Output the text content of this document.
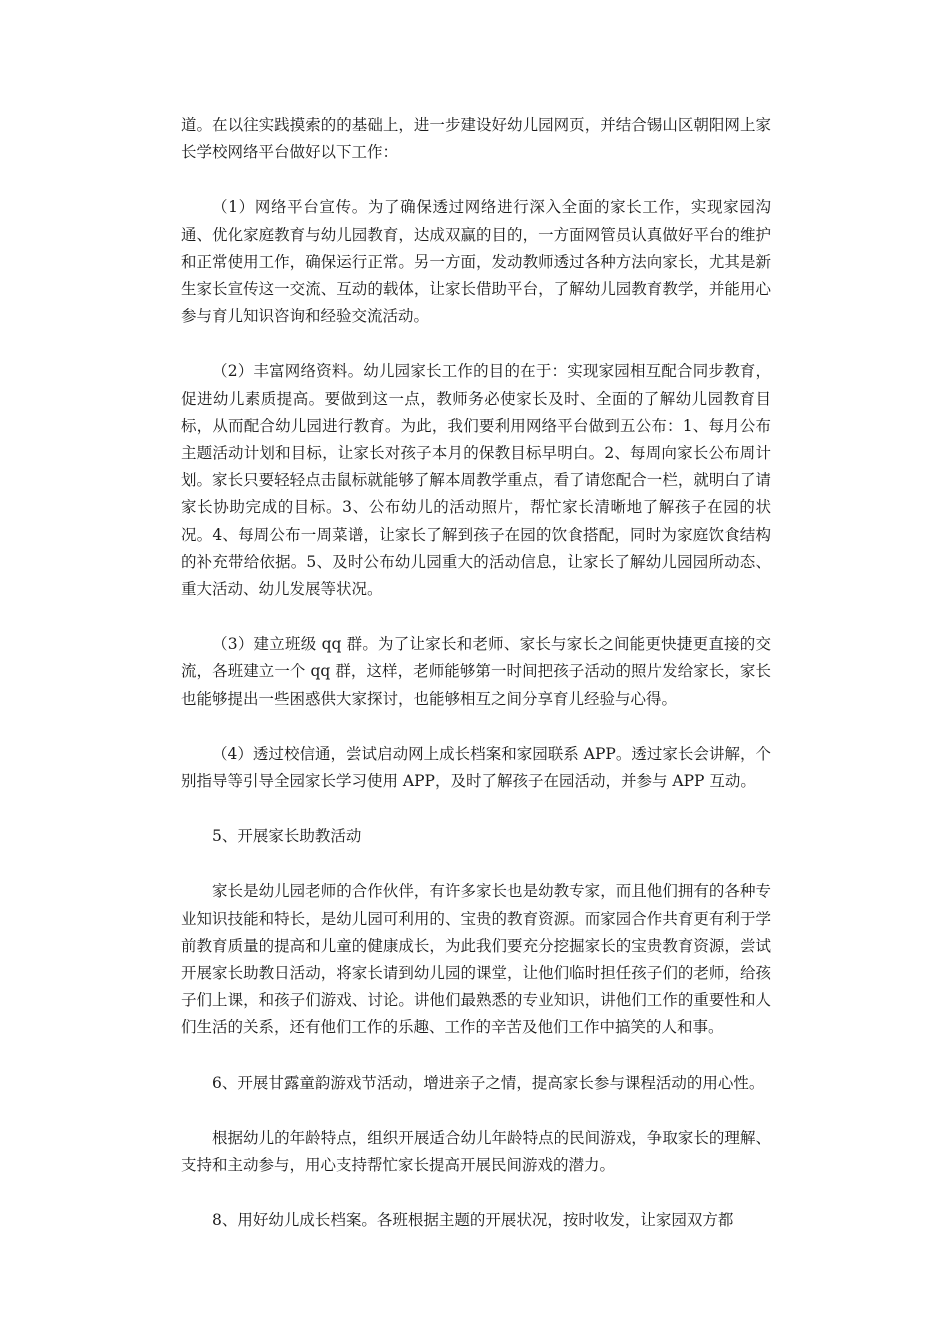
道。在以往实践摸索的的基础上，进一步建设好幼儿园网页，并结合锡山区朝阳网上家长学校网络平台做好以下工作：

（1）网络平台宣传。为了确保透过网络进行深入全面的家长工作，实现家园沟通、优化家庭教育与幼儿园教育，达成双赢的目的，一方面网管员认真做好平台的维护和正常使用工作，确保运行正常。另一方面，发动教师透过各种方法向家长，尤其是新生家长宣传这一交流、互动的载体，让家长借助平台，了解幼儿园教育教学，并能用心参与育儿知识咨询和经验交流活动。

（2）丰富网络资料。幼儿园家长工作的目的在于：实现家园相互配合同步教育，促进幼儿素质提高。要做到这一点，教师务必使家长及时、全面的了解幼儿园教育目标，从而配合幼儿园进行教育。为此，我们要利用网络平台做到五公布：1、每月公布主题活动计划和目标，让家长对孩子本月的保教目标早明白。2、每周向家长公布周计划。家长只要轻轻点击鼠标就能够了解本周教学重点，看了请您配合一栏，就明白了请家长协助完成的目标。3、公布幼儿的活动照片，帮忙家长清晰地了解孩子在园的状况。4、每周公布一周菜谱，让家长了解到孩子在园的饮食搭配，同时为家庭饮食结构的补充带给依据。5、及时公布幼儿园重大的活动信息，让家长了解幼儿园园所动态、重大活动、幼儿发展等状况。

（3）建立班级 qq 群。为了让家长和老师、家长与家长之间能更快捷更直接的交流，各班建立一个 qq 群，这样，老师能够第一时间把孩子活动的照片发给家长，家长也能够提出一些困惑供大家探讨，也能够相互之间分享育儿经验与心得。

（4）透过校信通，尝试启动网上成长档案和家园联系 APP。透过家长会讲解，个别指导等引导全园家长学习使用 APP，及时了解孩子在园活动，并参与 APP 互动。

5、开展家长助教活动

家长是幼儿园老师的合作伙伴，有许多家长也是幼教专家，而且他们拥有的各种专业知识技能和特长，是幼儿园可利用的、宝贵的教育资源。而家园合作共育更有利于学前教育质量的提高和儿童的健康成长，为此我们要充分挖掘家长的宝贵教育资源，尝试开展家长助教日活动，将家长请到幼儿园的课堂，让他们临时担任孩子们的老师，给孩子们上课，和孩子们游戏、讨论。讲他们最熟悉的专业知识，讲他们工作的重要性和人们生活的关系，还有他们工作的乐趣、工作的辛苦及他们工作中搞笑的人和事。

6、开展甘露童韵游戏节活动，增进亲子之情，提高家长参与课程活动的用心性。

根据幼儿的年龄特点，组织开展适合幼儿年龄特点的民间游戏，争取家长的理解、支持和主动参与，用心支持帮忙家长提高开展民间游戏的潜力。

8、用好幼儿成长档案。各班根据主题的开展状况，按时收发，让家园双方都
